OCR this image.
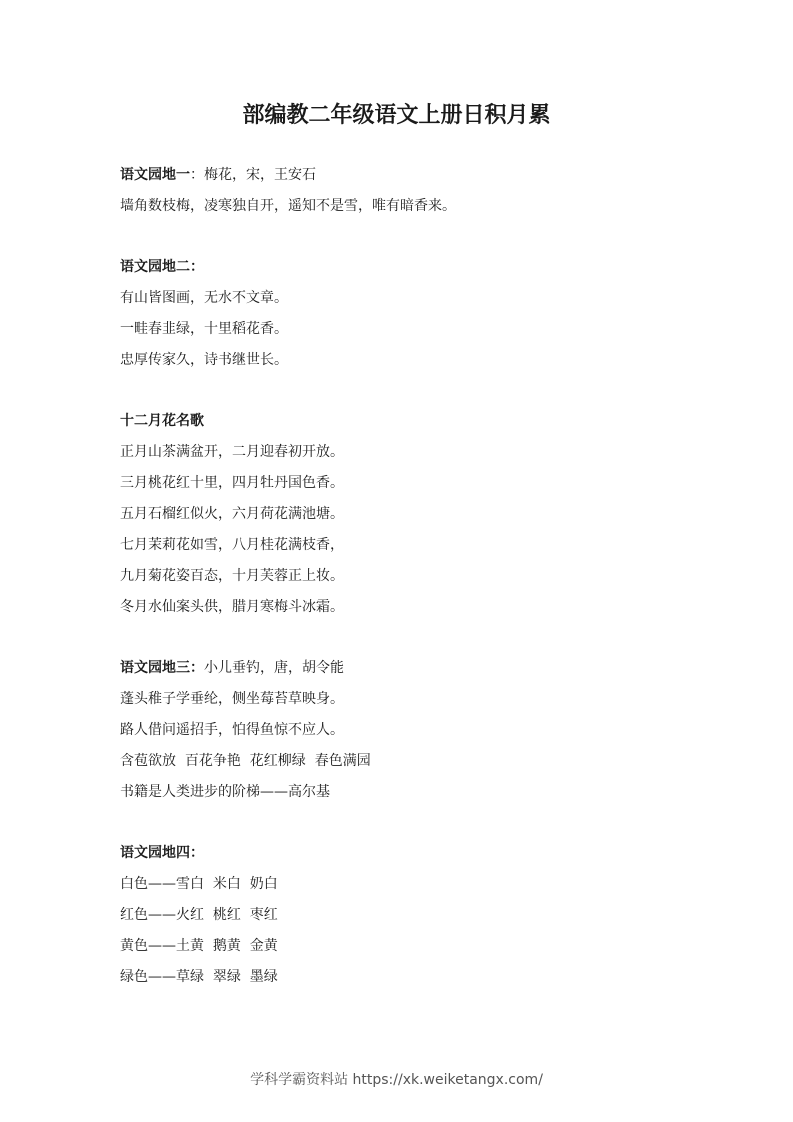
部编教二年级语文上册日积月累
语文园地一：梅花，宋，王安石
墙角数枝梅，凌寒独自开，遥知不是雪，唯有暗香来。
语文园地二：
有山皆图画，无水不文章。
一畦春韭绿，十里稻花香。
忠厚传家久，诗书继世长。
十二月花名歌
正月山茶满盆开，二月迎春初开放。
三月桃花红十里，四月牡丹国色香。
五月石榴红似火，六月荷花满池塘。
七月茉莉花如雪，八月桂花满枝香，
九月菊花姿百态，十月芙蓉正上妆。
冬月水仙案头供，腊月寒梅斗冰霜。
语文园地三：小儿垂钓，唐，胡令能
蓬头稚子学垂纶，侧坐莓苔草映身。
路人借问遥招手，怕得鱼惊不应人。
含苞欲放  百花争艳  花红柳绿  春色满园
书籍是人类进步的阶梯——高尔基
语文园地四：
白色——雪白  米白  奶白
红色——火红  桃红  枣红
黄色——土黄  鹅黄  金黄
绿色——草绿  翠绿  墨绿
学科学霸资料站 https://xk.weiketangx.com/
